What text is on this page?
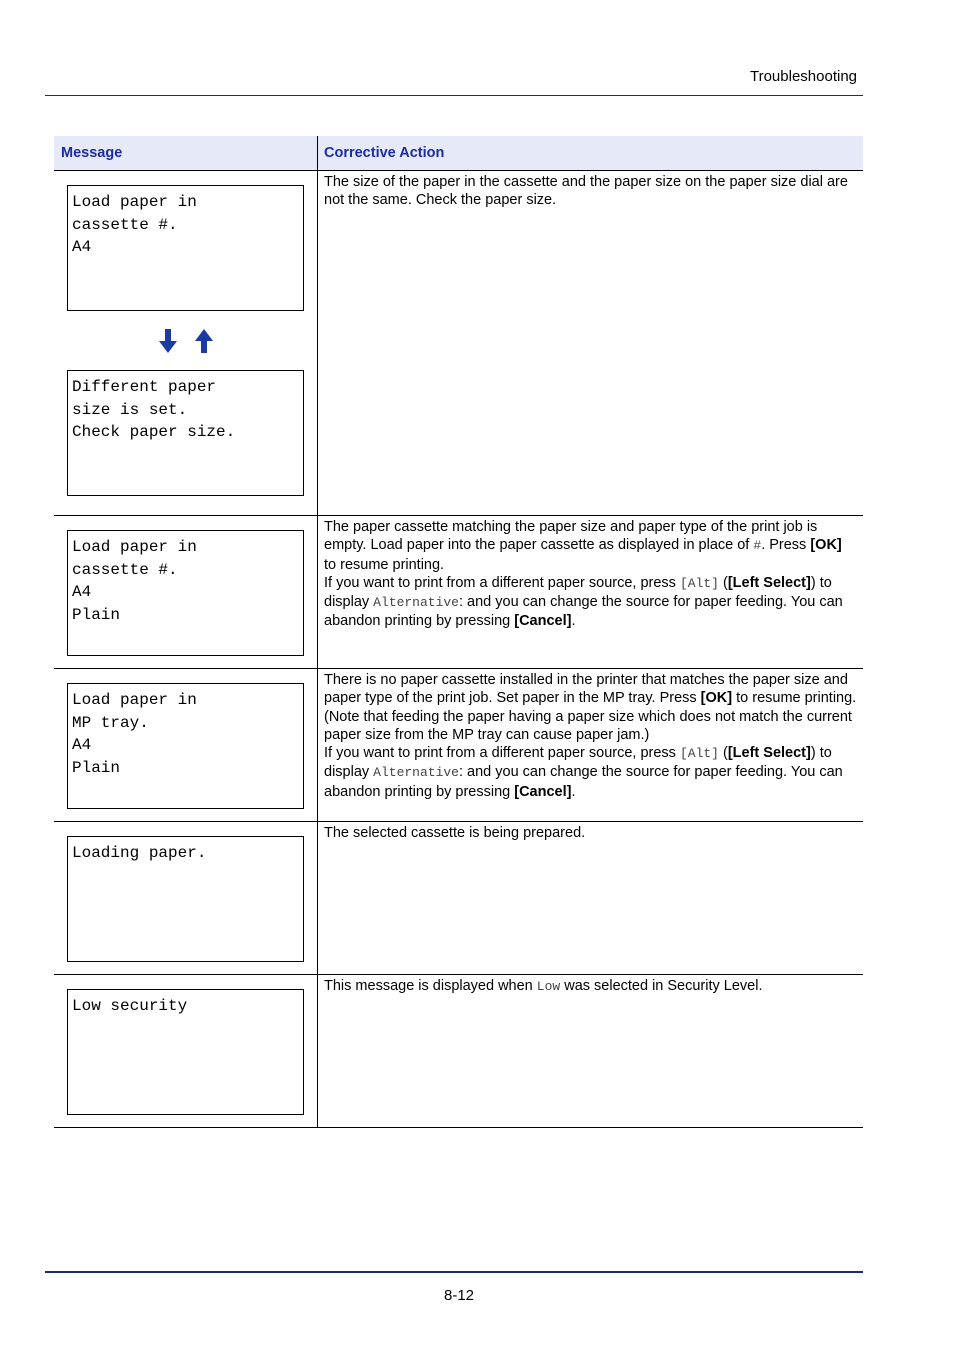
Troubleshooting
Message	Corrective Action
Load paper in
cassette #.
A4
Different paper
size is set.
Check paper size.

The size of the paper in the cassette and the paper size on the paper size dial are not the same. Check the paper size.

Load paper in
cassette #.
A4
Plain

The paper cassette matching the paper size and paper type of the print job is empty. Load paper into the paper cassette as displayed in place of #. Press [OK] to resume printing.

If you want to print from a different paper source, press [Alt] ([Left Select]) to display Alternative: and you can change the source for paper feeding. You can abandon printing by pressing [Cancel].

Load paper in
MP tray.
A4
Plain

There is no paper cassette installed in the printer that matches the paper size and paper type of the print job. Set paper in the MP tray. Press [OK] to resume printing. (Note that feeding the paper having a paper size which does not match the current paper size from the MP tray can cause paper jam.)

If you want to print from a different paper source, press [Alt] ([Left Select]) to display Alternative: and you can change the source for paper feeding. You can abandon printing by pressing [Cancel].

Loading paper.

The selected cassette is being prepared.

Low security

This message is displayed when Low was selected in Security Level.

8-12
